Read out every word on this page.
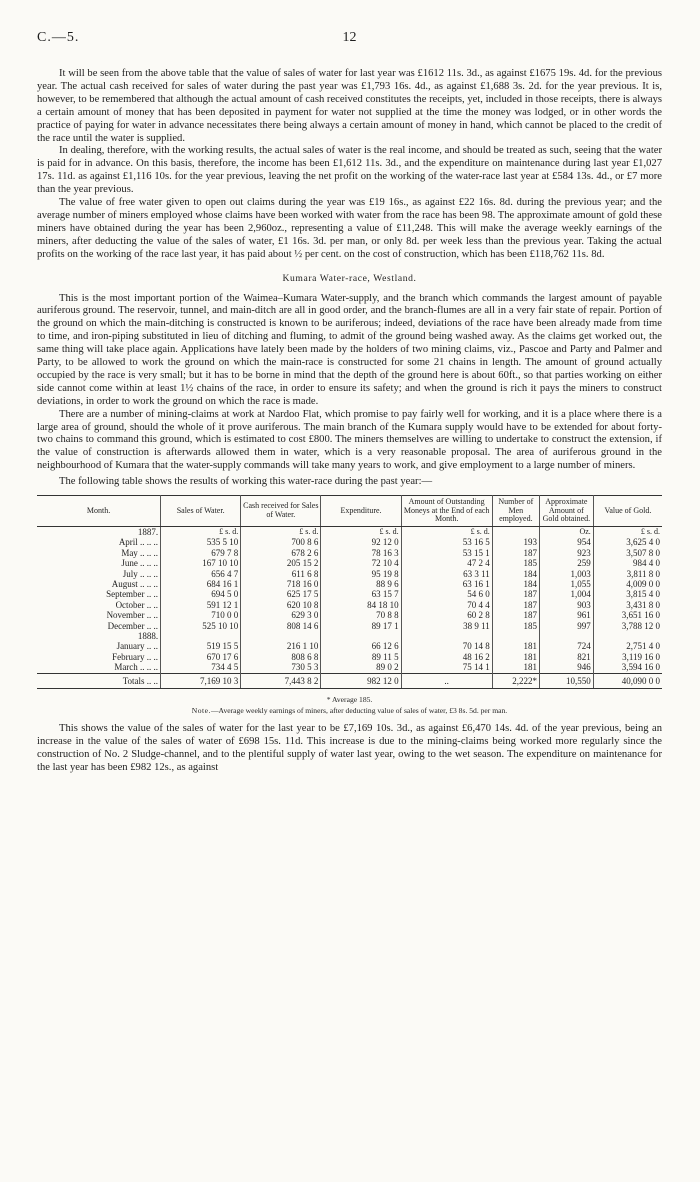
C.—5.	12

It will be seen from the above table that the value of sales of water for last year was £1612 11s. 3d., as against £1675 19s. 4d. for the previous year. The actual cash received for sales of water during the past year was £1,793 16s. 4d., as against £1,688 3s. 2d. for the year previous. It is, however, to be remembered that although the actual amount of cash received constitutes the receipts, yet, included in those receipts, there is always a certain amount of money that has been deposited in payment for water not supplied at the time the money was lodged, or in other words the practice of paying for water in advance necessitates there being always a certain amount of money in hand, which cannot be placed to the credit of the race until the water is supplied.

In dealing, therefore, with the working results, the actual sales of water is the real income, and should be treated as such, seeing that the water is paid for in advance. On this basis, therefore, the income has been £1,612 11s. 3d., and the expenditure on maintenance during last year £1,027 17s. 11d. as against £1,116 10s. for the year previous, leaving the net profit on the working of the water-race last year at £584 13s. 4d., or £7 more than the year previous.

The value of free water given to open out claims during the year was £19 16s., as against £22 16s. 8d. during the previous year; and the average number of miners employed whose claims have been worked with water from the race has been 98. The approximate amount of gold these miners have obtained during the year has been 2,960oz., representing a value of £11,248. This will make the average weekly earnings of the miners, after deducting the value of the sales of water, £1 16s. 3d. per man, or only 8d. per week less than the previous year. Taking the actual profits on the working of the race last year, it has paid about ½ per cent. on the cost of construction, which has been £118,762 11s. 8d.

Kumara Water-race, Westland.

This is the most important portion of the Waimea–Kumara Water-supply, and the branch which commands the largest amount of payable auriferous ground. The reservoir, tunnel, and main-ditch are all in good order, and the branch-flumes are all in a very fair state of repair. Portion of the ground on which the main-ditching is constructed is known to be auriferous; indeed, deviations of the race have been already made from time to time, and iron-piping substituted in lieu of ditching and fluming, to admit of the ground being washed away. As the claims get worked out, the same thing will take place again. Applications have lately been made by the holders of two mining claims, viz., Pascoe and Party and Palmer and Party, to be allowed to work the ground on which the main-race is constructed for some 21 chains in length. The amount of ground actually occupied by the race is very small; but it has to be borne in mind that the depth of the ground here is about 60ft., so that parties working on either side cannot come within at least 1½ chains of the race, in order to ensure its safety; and when the ground is rich it pays the miners to construct deviations, in order to work the ground on which the race is made.

There are a number of mining-claims at work at Nardoo Flat, which promise to pay fairly well for working, and it is a place where there is a large area of ground, should the whole of it prove auriferous. The main branch of the Kumara supply would have to be extended for about forty-two chains to command this ground, which is estimated to cost £800. The miners themselves are willing to undertake to construct the extension, if the value of construction is afterwards allowed them in water, which is a very reasonable proposal. The area of auriferous ground in the neighbourhood of Kumara that the water-supply commands will take many years to work, and give employment to a large number of miners.

The following table shows the results of working this water-race during the past year:—

Month.	Sales of Water.	Cash received for Sales of Water.	Expenditure.	Amount of Outstanding Moneys at the End of each Month.	Number of Men employed.	Approximate Amount of Gold obtained.	Value of Gold.
1887.	£ s. d.	£ s. d.	£ s. d.	£ s. d.		Oz.	£ s. d.
April .. .. ..	535 5 10	700 8 6	92 12 0	53 16 5	193	954	3,625 4 0
May .. .. ..	679 7 8	678 2 6	78 16 3	53 15 1	187	923	3,507 8 0
June .. .. ..	167 10 10	205 15 2	72 10 4	47 2 4	185	259	984 4 0
July .. .. ..	656 4 7	611 6 8	95 19 8	63 3 11	184	1,003	3,811 8 0
August .. .. ..	684 16 1	718 16 0	88 9 6	63 16 1	184	1,055	4,009 0 0
September .. ..	694 5 0	625 17 5	63 15 7	54 6 0	187	1,004	3,815 4 0
October .. ..	591 12 1	620 10 8	84 18 10	70 4 4	187	903	3,431 8 0
November .. ..	710 0 0	629 3 0	70 8 8	60 2 8	187	961	3,651 16 0
December .. ..	525 10 10	808 14 6	89 17 1	38 9 11	185	997	3,788 12 0
1888.							
January .. ..	519 15 5	216 1 10	66 12 6	70 14 8	181	724	2,751 4 0
February .. ..	670 17 6	808 6 8	89 11 5	48 16 2	181	821	3,119 16 0
March .. .. ..	734 4 5	730 5 3	89 0 2	75 14 1	181	946	3,594 16 0
Totals .. ..	7,169 10 3	7,443 8 2	982 12 0	..	2,222*	10,550	40,090 0 0
* Average 185.
Note.—Average weekly earnings of miners, after deducting value of sales of water, £3 8s. 5d. per man.

This shows the value of the sales of water for the last year to be £7,169 10s. 3d., as against £6,470 14s. 4d. of the year previous, being an increase in the value of the sales of water of £698 15s. 11d. This increase is due to the mining-claims being worked more regularly since the construction of No. 2 Sludge-channel, and to the plentiful supply of water last year, owing to the wet season. The expenditure on maintenance for the last year has been £982 12s., as against
